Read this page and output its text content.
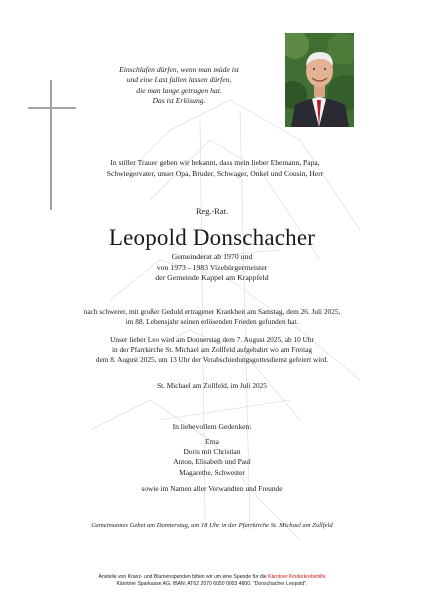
Einschlafen dürfen, wenn man müde ist
und eine Last fallen lassen dürfen,
die man lange getragen hat.
Das ist Erlösung.
In stiller Trauer geben wir bekannt, dass mein lieber Ehemann, Papa,
Schwiegervater, unser Opa, Bruder, Schwager, Onkel und Cousin, Herr
Reg.-Rat.
Leopold Donschacher
Gemeinderat ab 1970 und
von 1973 - 1983 Vizebürgermeister
der Gemeinde Kappel am Krappfeld
nach schwerer, mit großer Geduld ertragener Krankheit am Samstag, dem 26. Juli 2025,
im 88. Lebensjahr seinen erlösenden Frieden gefunden hat.
Unser lieber Leo wird am Donnerstag dem 7. August 2025, ab 10 Uhr
in der Pfarrkirche St. Michael am Zollfeld aufgebahrt wo am Freitag
dem 8. August 2025, um 13 Uhr der Verabschiedungsgottesdienst gefeiert wird.
St. Michael am Zollfeld, im Juli 2025
In liebevollem Gedenken:
Erna
Doris mit Christian
Anton, Elisabeth und Paul
Magarethe, Schwester
sowie im Namen aller Verwandten und Freunde
Gemeinsames Gebet am Donnerstag, um 18 Uhr in der Pfarrkirche St. Michael am Zollfeld
Anstelle von Kranz- und Blumenspenden bitten wir um eine Spende für die Kärntner Kinderkrebshilfe
Kärntner Sparkasse AG, IBAN: AT62 2070 6050 0003 4800. "Donschacher Leopold".
